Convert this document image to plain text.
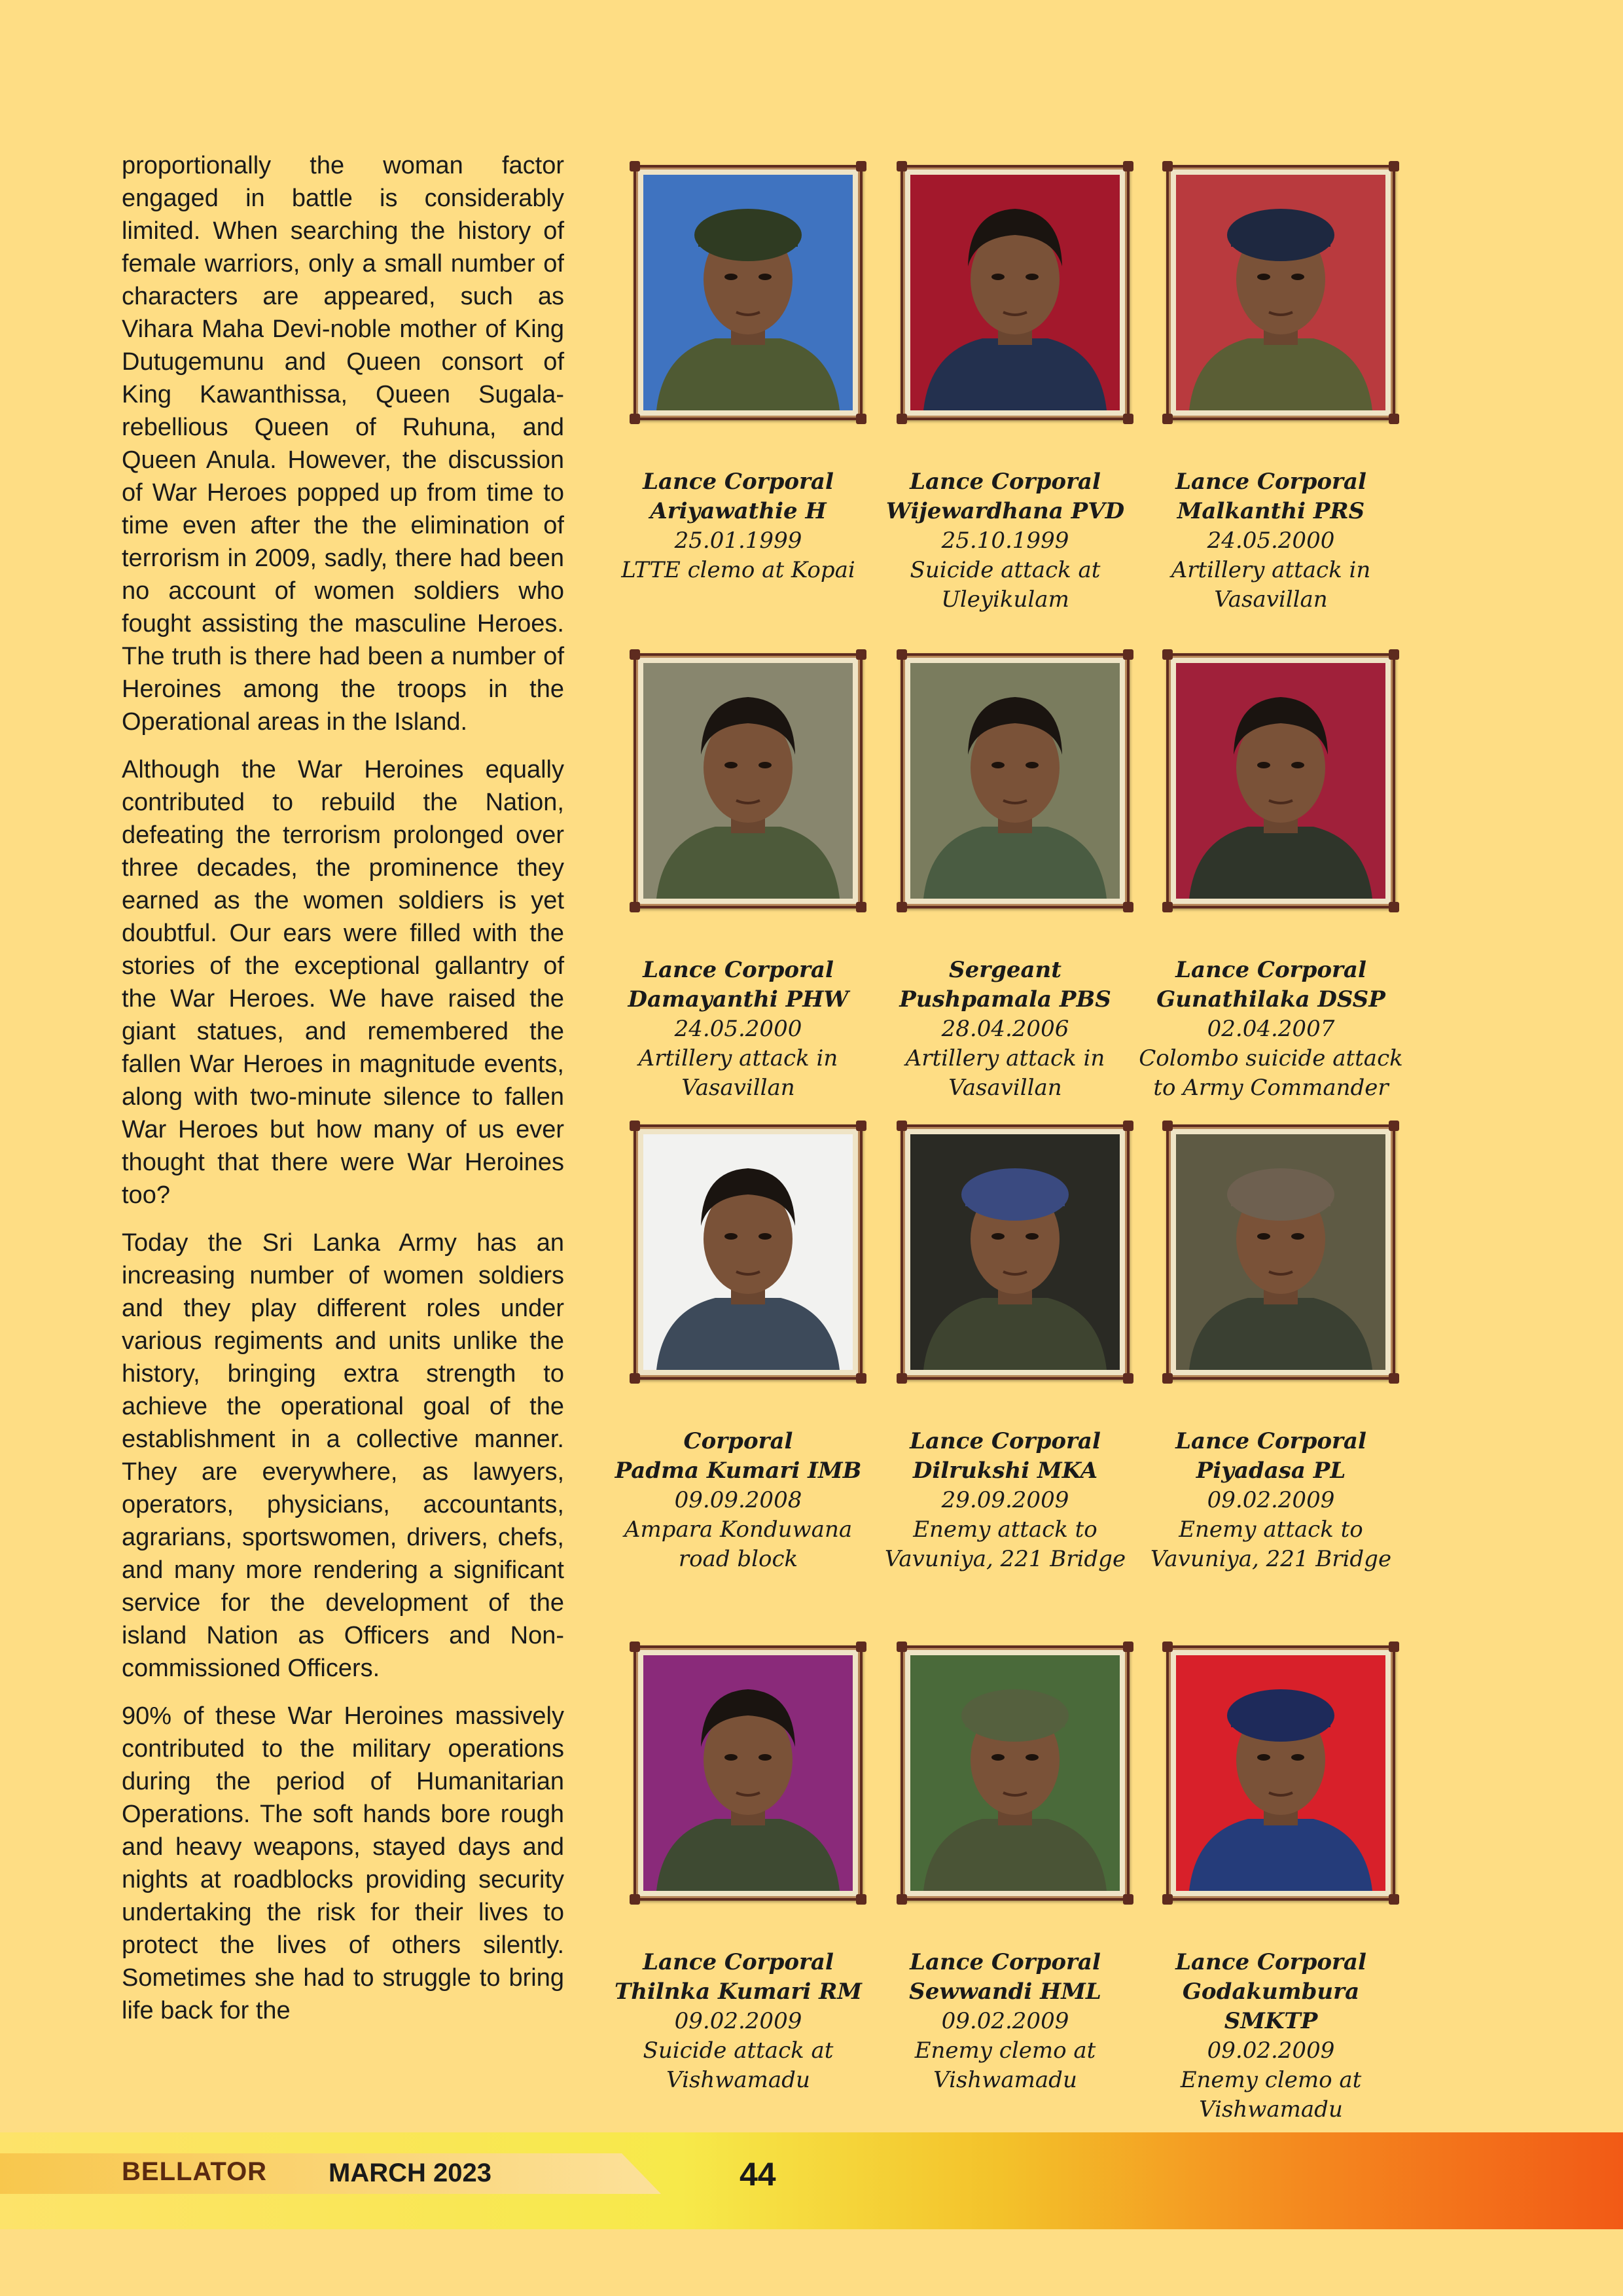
proportionally the woman factor engaged in battle is considerably limited. When searching the history of female warriors, only a small number of characters are appeared, such as Vihara Maha Devi-noble mother of King Dutugemunu and Queen consort of King Kawanthissa, Queen Sugala- rebellious Queen of Ruhuna, and Queen Anula. However, the discussion of War Heroes popped up from time to time even after the the elimination of terrorism in 2009, sadly, there had been no account of women soldiers who fought assisting the masculine Heroes. The truth is there had been a number of Heroines among the troops in the Operational areas in the Island.

Although the War Heroines equally contributed to rebuild the Nation, defeating the terrorism prolonged over three decades, the prominence they earned as the women soldiers is yet doubtful. Our ears were filled with the stories of the exceptional gallantry of the War Heroes. We have raised the giant statues, and remembered the fallen War Heroes in magnitude events, along with two-minute silence to fallen War Heroes but how many of us ever thought that there were War Heroines too?

Today the Sri Lanka Army has an increasing number of women soldiers and they play different roles under various regiments and units unlike the history, bringing extra strength to achieve the operational goal of the establishment in a collective manner. They are everywhere, as lawyers, operators, physicians, accountants, agrarians, sportswomen, drivers, chefs, and many more rendering a significant service for the development of the island Nation as Officers and Non-commissioned Officers.

90% of these War Heroines massively contributed to the military operations during the period of Humanitarian Operations. The soft hands bore rough and heavy weapons, stayed days and nights at roadblocks providing security undertaking the risk for their lives to protect the lives of others silently. Sometimes she had to struggle to bring life back for the

Lance Corporal
Ariyawathie H
25.01.1999
LTTE clemo at Kopai
Lance Corporal
Wijewardhana PVD
25.10.1999
Suicide attack at Uleyikulam
Lance Corporal
Malkanthi PRS
24.05.2000
Artillery attack in Vasavillan
Lance Corporal
Damayanthi PHW
24.05.2000
Artillery attack in Vasavillan
Sergeant
Pushpamala PBS
28.04.2006
Artillery attack in Vasavillan
Lance Corporal
Gunathilaka DSSP
02.04.2007
Colombo suicide attack to Army Commander
Corporal
Padma Kumari IMB
09.09.2008
Ampara Konduwana road block
Lance Corporal
Dilrukshi MKA
29.09.2009
Enemy attack to Vavuniya, 221 Bridge
Lance Corporal
Piyadasa PL
09.02.2009
Enemy attack to Vavuniya, 221 Bridge
Lance Corporal
Thilnka Kumari RM
09.02.2009
Suicide attack at Vishwamadu
Lance Corporal
Sewwandi HML
09.02.2009
Enemy clemo at Vishwamadu
Lance Corporal
Godakumbura SMKTP
09.02.2009
Enemy clemo at Vishwamadu
BELLATOR MARCH 2023	44
